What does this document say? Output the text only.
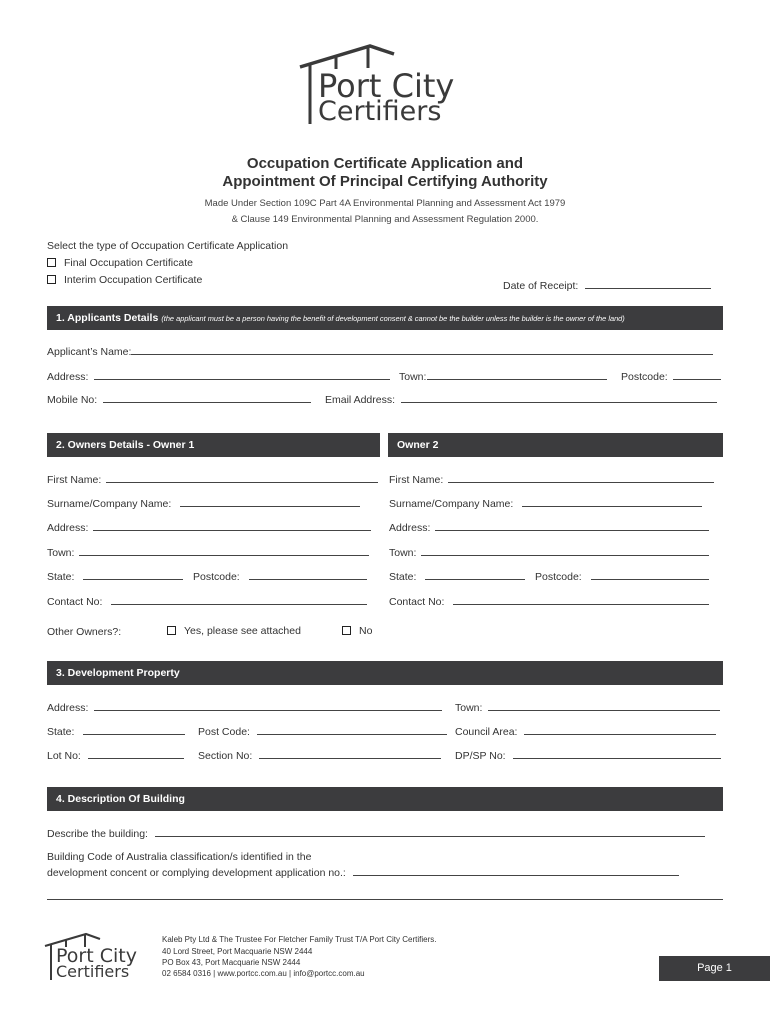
Port City
Certifiers
Occupation Certificate Application and
Appointment Of Principal Certifying Authority
Made Under Section 109C Part 4A Environmental Planning and Assessment Act 1979
& Clause 149 Environmental Planning and Assessment Regulation 2000.
Select the type of Occupation Certificate Application
Final Occupation Certificate
Interim Occupation Certificate	Date of Receipt:
1. Applicants Details (the applicant must be a person having the benefit of development consent & cannot be the builder unless the builder is the owner of the land)
Applicant’s Name:
Address:	Town:	Postcode:
Mobile No:	Email Address:
2. Owners Details - Owner 1	Owner 2
First Name:
Surname/Company Name:
Address:
Town:
State:	Postcode:
Contact No:
First Name:
Surname/Company Name:
Address:
Town:
State:	Postcode:
Contact No:
Other Owners?:	Yes, please see attached	No
3. Development Property
Address:	Town:
State:	Post Code:	Council Area:
Lot No:	Section No:	DP/SP No:
4. Description Of Building
Describe the building:
Building Code of Australia classification/s identified in the
development concent or complying development application no.:
Port City
Certifiers
Kaleb Pty Ltd & The Trustee For Fletcher Family Trust T/A Port City Certifiers.
40 Lord Street, Port Macquarie NSW 2444
PO Box 43, Port Macquarie NSW 2444
02 6584 0316 | www.portcc.com.au | info@portcc.com.au	Page 1
